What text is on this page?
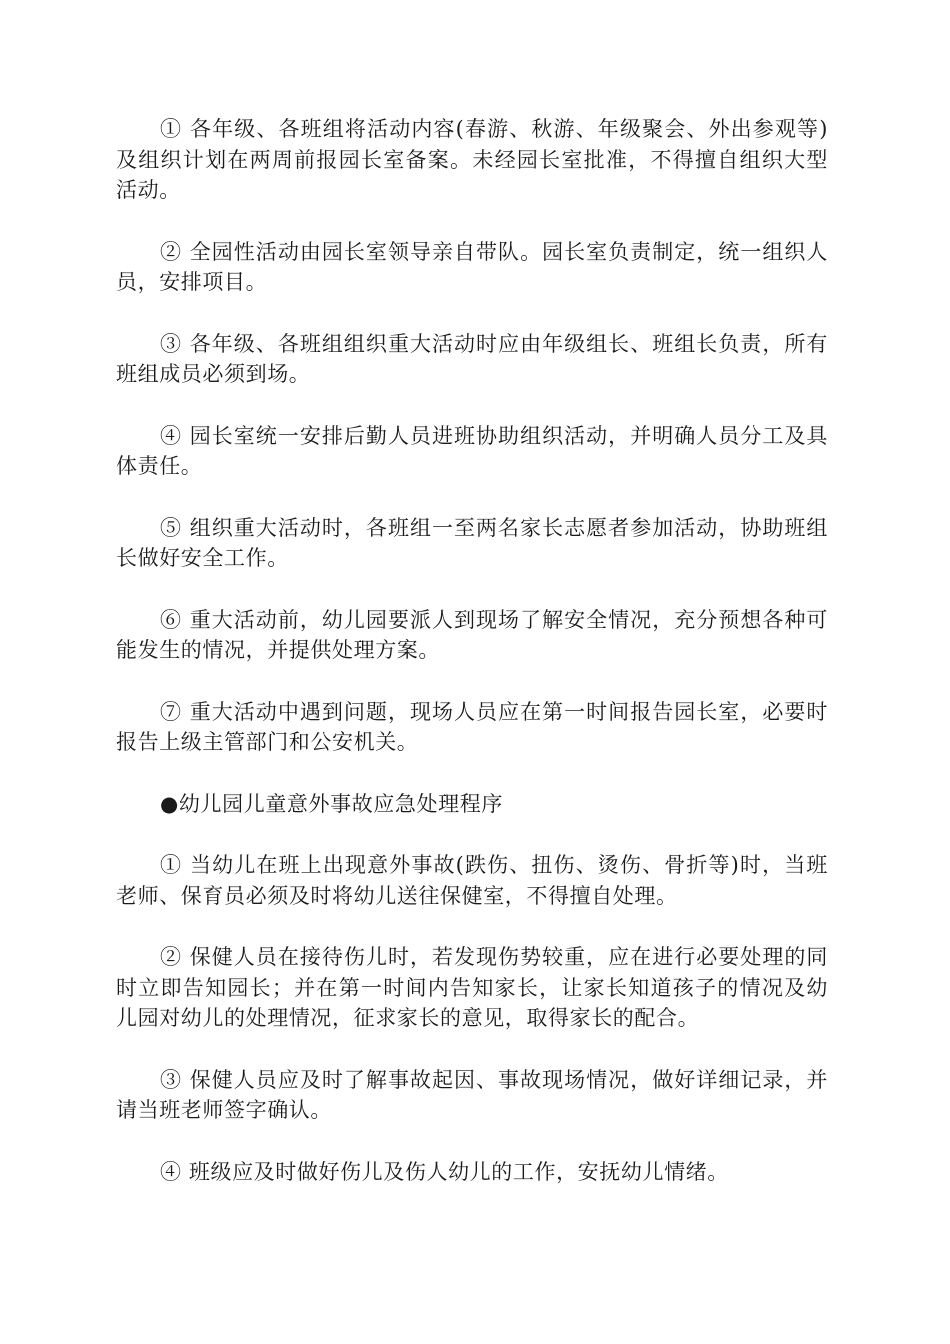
① 各年级、各班组将活动内容(春游、秋游、年级聚会、外出参观等)及组织计划在两周前报园长室备案。未经园长室批准，不得擅自组织大型活动。

② 全园性活动由园长室领导亲自带队。园长室负责制定，统一组织人员，安排项目。

③ 各年级、各班组组织重大活动时应由年级组长、班组长负责，所有班组成员必须到场。

④ 园长室统一安排后勤人员进班协助组织活动，并明确人员分工及具体责任。

⑤ 组织重大活动时，各班组一至两名家长志愿者参加活动，协助班组长做好安全工作。

⑥ 重大活动前，幼儿园要派人到现场了解安全情况，充分预想各种可能发生的情况，并提供处理方案。

⑦ 重大活动中遇到问题，现场人员应在第一时间报告园长室，必要时报告上级主管部门和公安机关。

●幼儿园儿童意外事故应急处理程序

① 当幼儿在班上出现意外事故(跌伤、扭伤、烫伤、骨折等)时，当班老师、保育员必须及时将幼儿送往保健室，不得擅自处理。

② 保健人员在接待伤儿时，若发现伤势较重，应在进行必要处理的同时立即告知园长；并在第一时间内告知家长，让家长知道孩子的情况及幼儿园对幼儿的处理情况，征求家长的意见，取得家长的配合。

③ 保健人员应及时了解事故起因、事故现场情况，做好详细记录，并请当班老师签字确认。

④ 班级应及时做好伤儿及伤人幼儿的工作，安抚幼儿情绪。
